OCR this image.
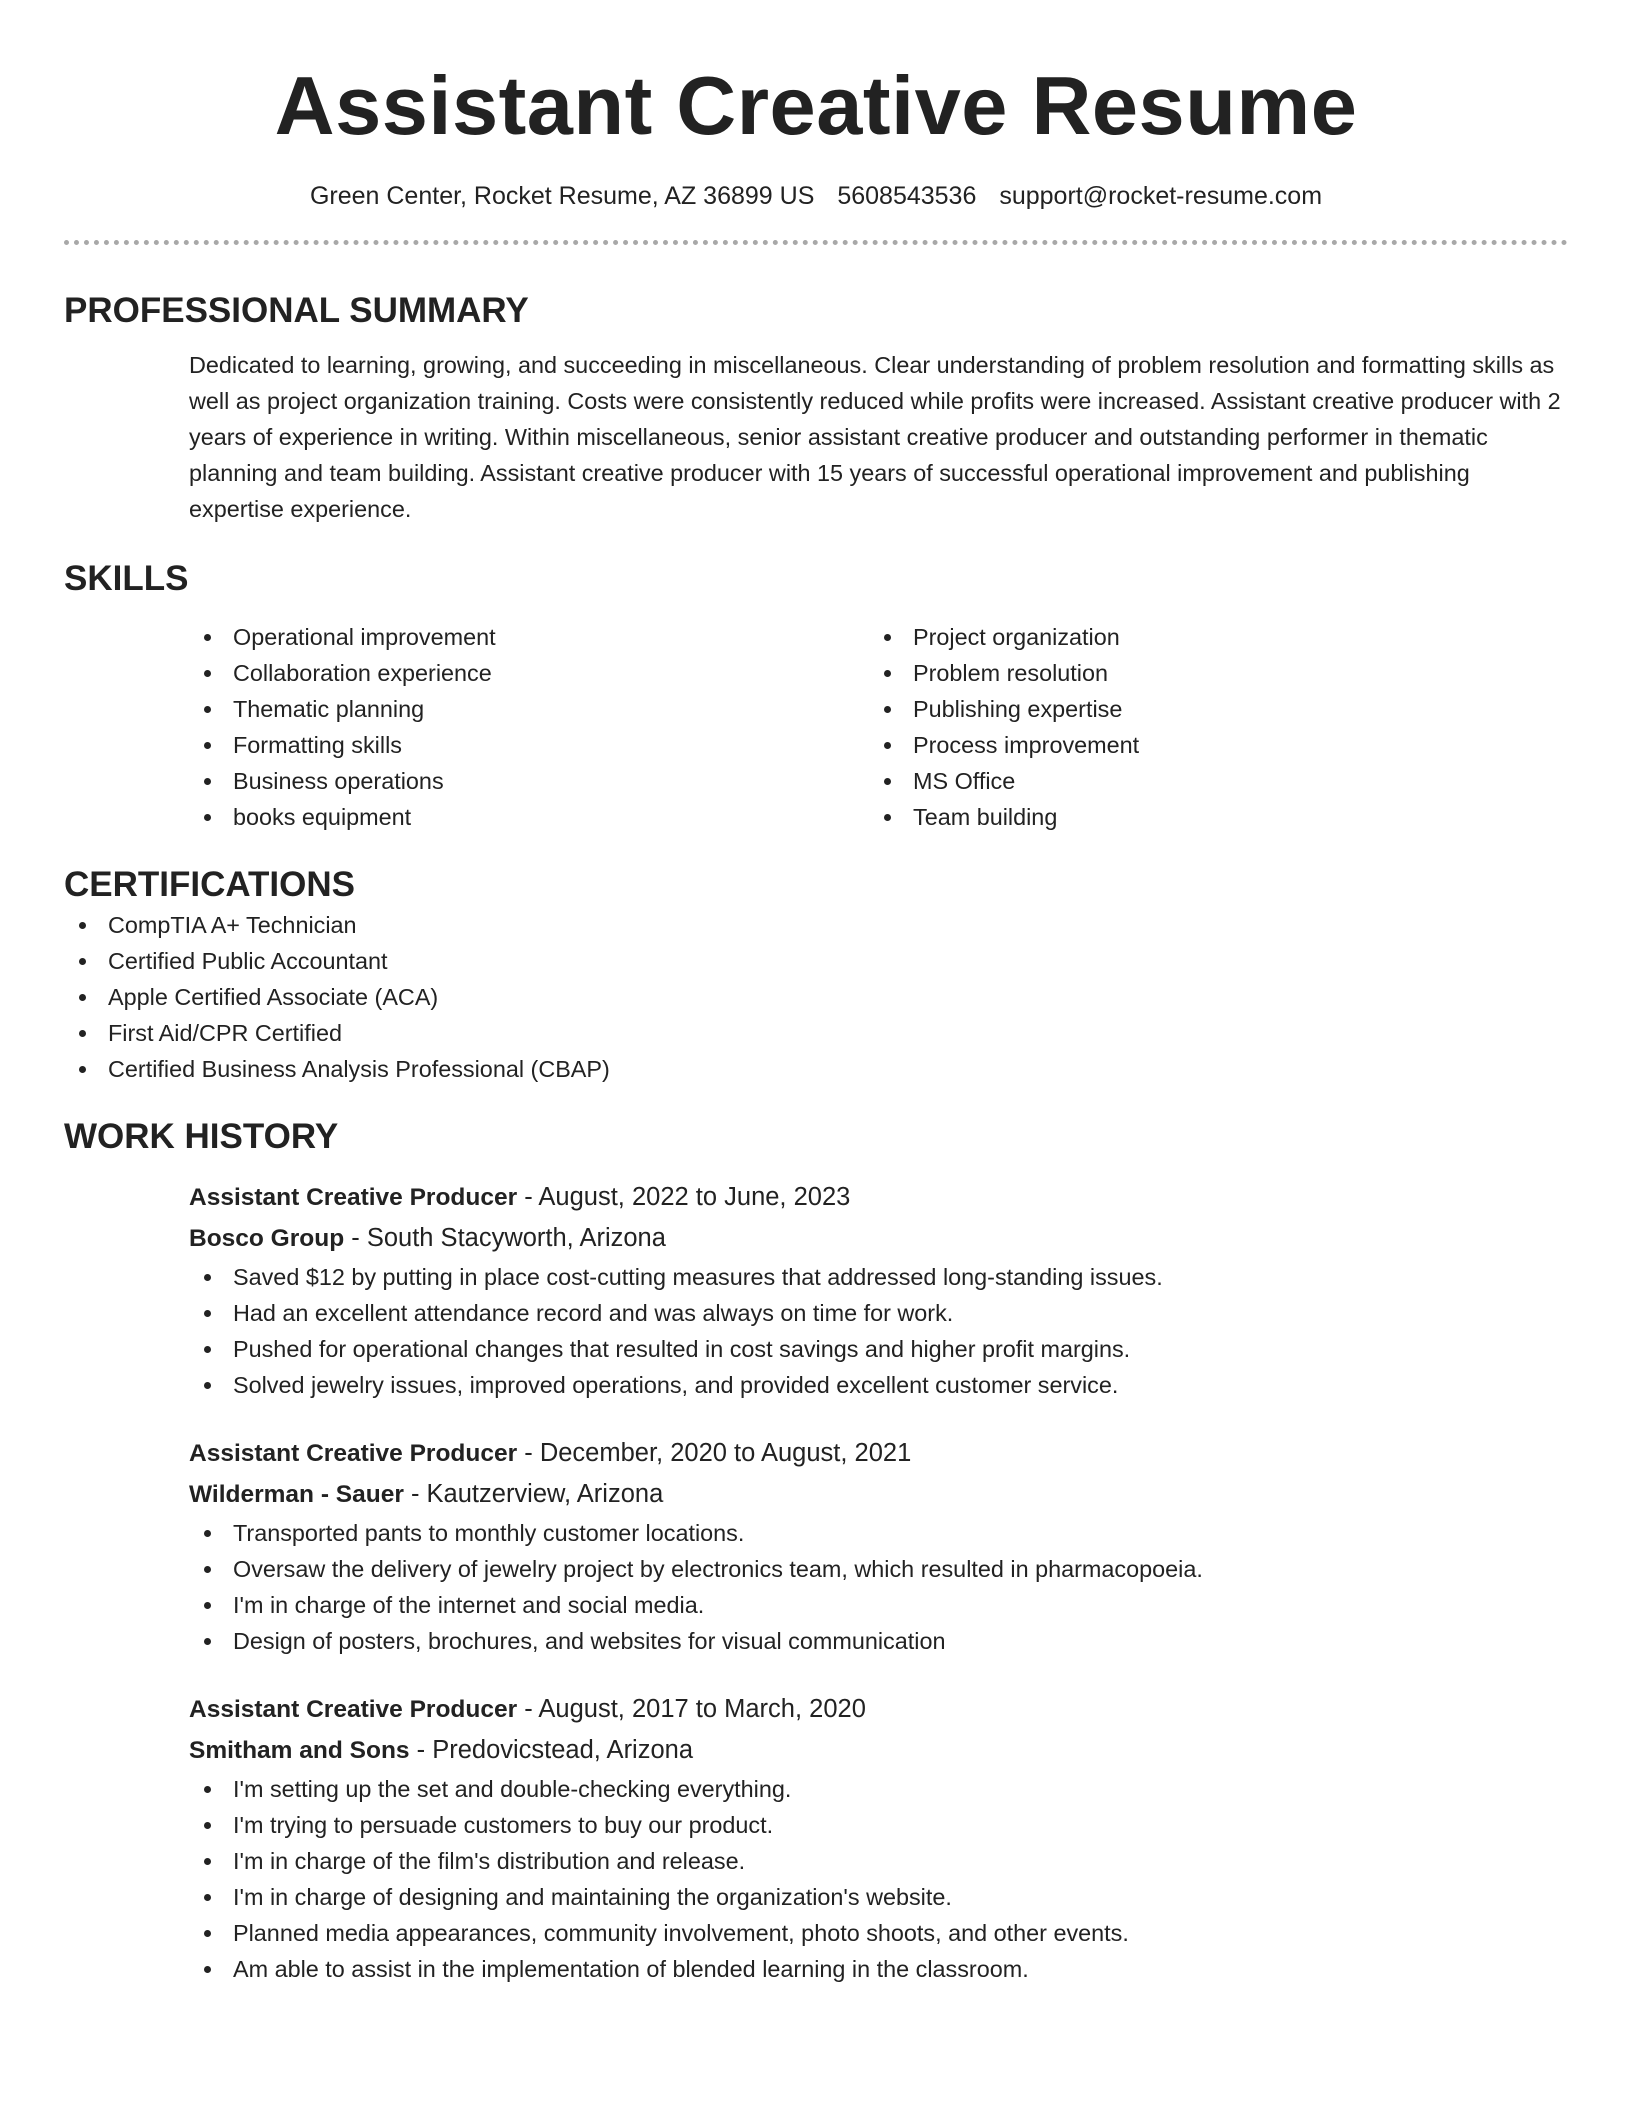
Assistant Creative Resume
Green Center, Rocket Resume, AZ 36899 US 5608543536 support@rocket-resume.com
PROFESSIONAL SUMMARY

Dedicated to learning, growing, and succeeding in miscellaneous. Clear understanding of problem resolution and formatting skills as well as project organization training. Costs were consistently reduced while profits were increased. Assistant creative producer with 2 years of experience in writing. Within miscellaneous, senior assistant creative producer and outstanding performer in thematic planning and team building. Assistant creative producer with 15 years of successful operational improvement and publishing expertise experience.

SKILLS
Operational improvement
Collaboration experience
Thematic planning
Formatting skills
Business operations
books equipment
Project organization
Problem resolution
Publishing expertise
Process improvement
MS Office
Team building
CERTIFICATIONS
CompTIA A+ Technician
Certified Public Accountant
Apple Certified Associate (ACA)
First Aid/CPR Certified
Certified Business Analysis Professional (CBAP)
WORK HISTORY
Assistant Creative Producer - August, 2022 to June, 2023
Bosco Group - South Stacyworth, Arizona
Saved $12 by putting in place cost-cutting measures that addressed long-standing issues.
Had an excellent attendance record and was always on time for work.
Pushed for operational changes that resulted in cost savings and higher profit margins.
Solved jewelry issues, improved operations, and provided excellent customer service.
Assistant Creative Producer - December, 2020 to August, 2021
Wilderman - Sauer - Kautzerview, Arizona
Transported pants to monthly customer locations.
Oversaw the delivery of jewelry project by electronics team, which resulted in pharmacopoeia.
I'm in charge of the internet and social media.
Design of posters, brochures, and websites for visual communication
Assistant Creative Producer - August, 2017 to March, 2020
Smitham and Sons - Predovicstead, Arizona
I'm setting up the set and double-checking everything.
I'm trying to persuade customers to buy our product.
I'm in charge of the film's distribution and release.
I'm in charge of designing and maintaining the organization's website.
Planned media appearances, community involvement, photo shoots, and other events.
Am able to assist in the implementation of blended learning in the classroom.
